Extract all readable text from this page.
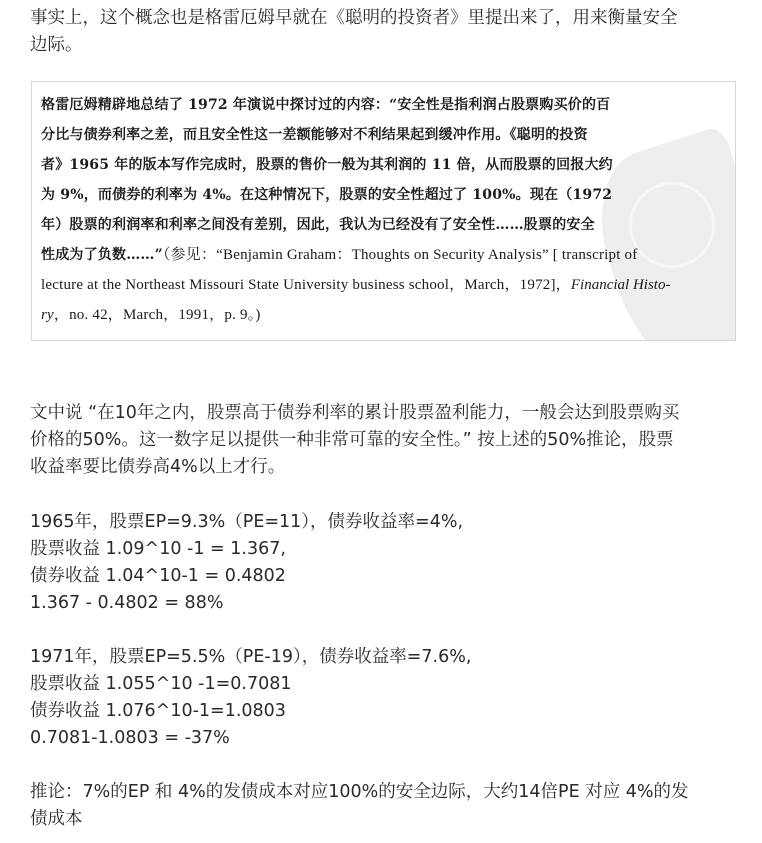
事实上，这个概念也是格雷厄姆早就在《聪明的投资者》里提出来了，用来衡量安全
边际。

格雷厄姆精辟地总结了 1972 年演说中探讨过的内容：“安全性是指利润占股票购买价的百
分比与债券利率之差，而且安全性这一差额能够对不利结果起到缓冲作用。《聪明的投资
者》1965 年的版本写作完成时，股票的售价一般为其利润的 11 倍，从而股票的回报大约
为 9%，而债券的利率为 4%。在这种情况下，股票的安全性超过了 100%。现在（1972
年）股票的利润率和利率之间没有差别，因此，我认为已经没有了安全性……股票的安全
性成为了负数……”（参见：“Benjamin Graham：Thoughts on Security Analysis” [ transcript of
lecture at the Northeast Missouri State University business school，March，1972]，Financial Histo-
ry，no. 42，March，1991，p. 9。)

文中说 “在10年之内，股票高于债券利率的累计股票盈利能力，一般会达到股票购买
价格的50%。这一数字足以提供一种非常可靠的安全性。” 按上述的50%推论，股票
收益率要比债券高4%以上才行。

1965年，股票EP=9.3%（PE=11），债券收益率=4%,
股票收益 1.09^10 -1 = 1.367,
债券收益 1.04^10-1 = 0.4802
1.367 - 0.4802 = 88%

1971年，股票EP=5.5%（PE-19），债券收益率=7.6%,
股票收益 1.055^10 -1=0.7081
债券收益 1.076^10-1=1.0803
0.7081-1.0803 = -37%

推论：7%的EP 和 4%的发债成本对应100%的安全边际，大约14倍PE 对应 4%的发
债成本
